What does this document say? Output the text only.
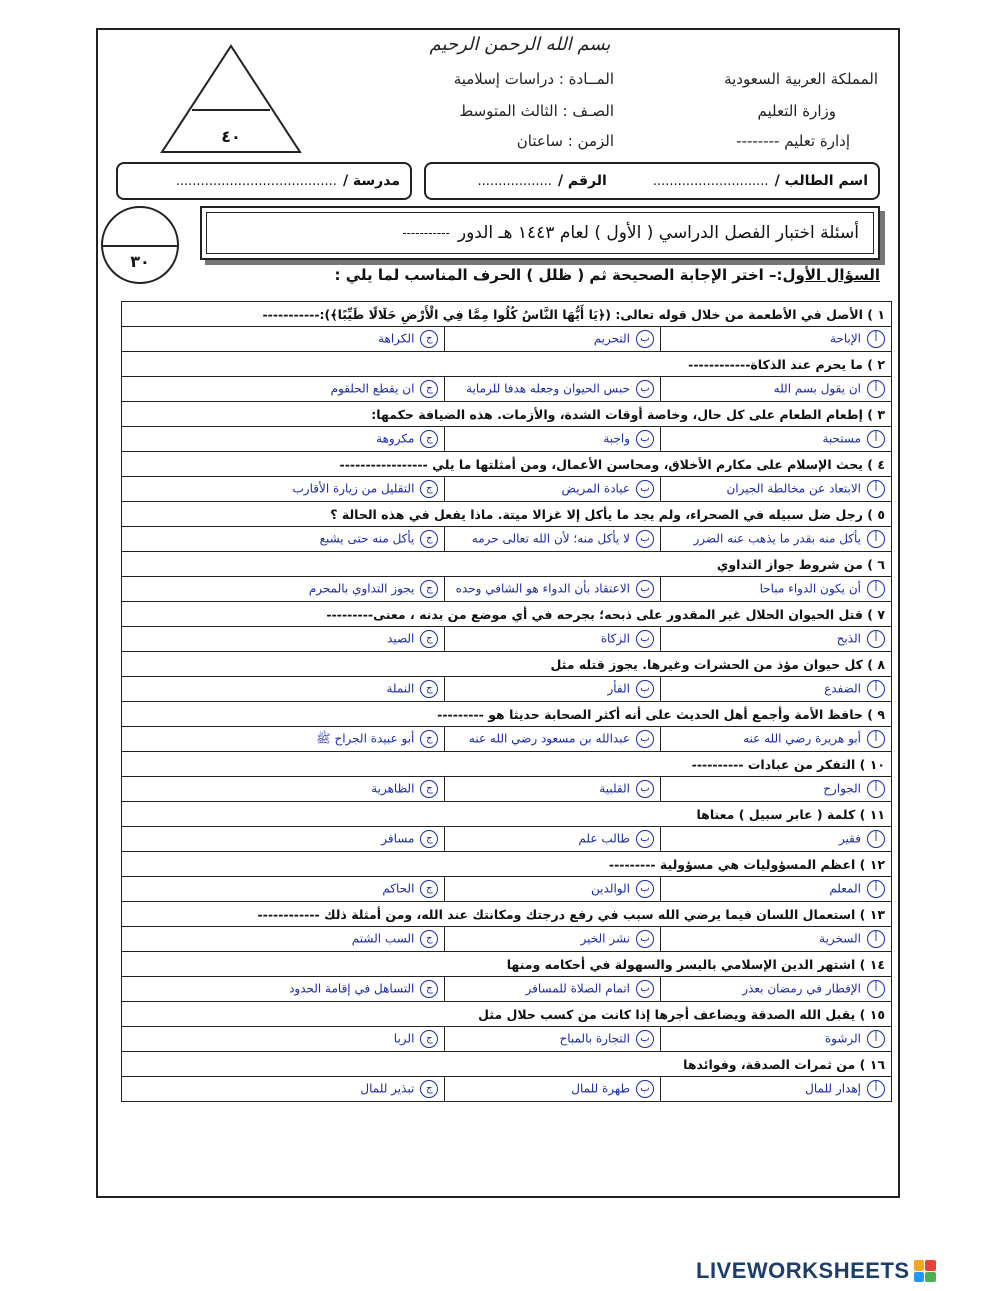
بسم الله الرحمن الرحيم
المملكة العربية السعودية
وزارة التعليم
إدارة تعليم --------
المــادة : دراسات إسلامية
الصـف : الثالث المتوسط
الزمن : ساعتان
٤٠
اسم الطالب /
............................
الرقم /
..................
مدرسة /
.......................................
٣٠
أسئلة اختبار الفصل الدراسي ( الأول ) لعام ١٤٤٣ هـ الدور
-----------
السؤال الأول:– اختر الإجابة الصحيحة ثم ( ظلل ) الحرف المناسب لما يلي :
١ ) الأصل في الأطعمة من خلال قوله تعالى: (﴿يَا أَيُّهَا النَّاسُ كُلُوا مِمَّا فِي الْأَرْضِ حَلَالًا طَيِّبًا﴾):-----------		
أالإباحة	بالتحريم	جالكراهة
٢ ) ما يحرم عند الذكاة------------		
أان يقول بسم الله	بحبس الحيوان وجعله هدفا للرماية	جان يقطع الحلقوم
٣ ) إطعام الطعام على كل حال، وخاصة أوقات الشدة، والأزمات. هذه الضيافة حكمها:		
أمستحبة	بواجبة	جمكروهة
٤ ) يحث الإسلام على مكارم الأخلاق، ومحاسن الأعمال، ومن أمثلتها ما يلي -----------------		
أالابتعاد عن مخالطة الجيران	بعيادة المريض	جالتقليل من زيارة الأقارب
٥ ) رجل ضل سبيله في الصحراء، ولم يجد ما يأكل إلا غزالا ميتة. ماذا يفعل في هذه الحالة ؟		
أيأكل منه بقدر ما يذهب عنه الضرر	بلا يأكل منه؛ لأن الله تعالى حرمه	جيأكل منه حتى يشبع
٦ ) من شروط جواز التداوي		
أأن يكون الدواء مباحا	بالاعتقاد بأن الدواء هو الشافي وحده	جيجوز التداوي بالمحرم
٧ ) قتل الحيوان الحلال غير المقدور على ذبحه؛ بجرحه في أي موضع من بدنه ، معنى---------		
أالذبح	بالزكاة	جالصيد
٨ ) كل حيوان مؤذ من الحشرات وغيرها. يجوز قتله مثل		
أالضفدع	بالفأر	جالنملة
٩ ) حافظ الأمة وأجمع أهل الحديث على أنه أكثر الصحابة حديثا هو ---------		
أأبو هريرة رضي الله عنه	بعبدالله بن مسعود رضي الله عنه	جأبو عبيدة الجراح ﷺ
١٠ ) التفكر من عبادات ----------		
أالجوارح	بالقلبية	جالظاهرية
١١ ) كلمة ( عابر سبيل ) معناها		
أفقير	بطالب علم	جمسافر
١٢ ) اعظم المسؤوليات هي مسؤولية ---------		
أالمعلم	بالوالدين	جالحاكم
١٣ ) استعمال اللسان فيما يرضي الله سبب في رفع درجتك ومكانتك عند الله، ومن أمثلة ذلك ------------		
أالسخرية	بنشر الخير	جالسب الشتم
١٤ ) اشتهر الدين الإسلامي باليسر والسهولة في أحكامه ومنها		
أالإفطار في رمضان بعذر	باتمام الصلاة للمسافر	جالتساهل في إقامة الحدود
١٥ ) يقبل الله الصدقة ويضاعف أجرها إذا كانت من كسب حلال مثل		
أالرشوة	بالتجارة بالمباح	جالربا
١٦ ) من ثمرات الصدقة، وفوائدها		
أإهدار للمال	بطهرة للمال	جتبذير للمال
LIVEWORKSHEETS
